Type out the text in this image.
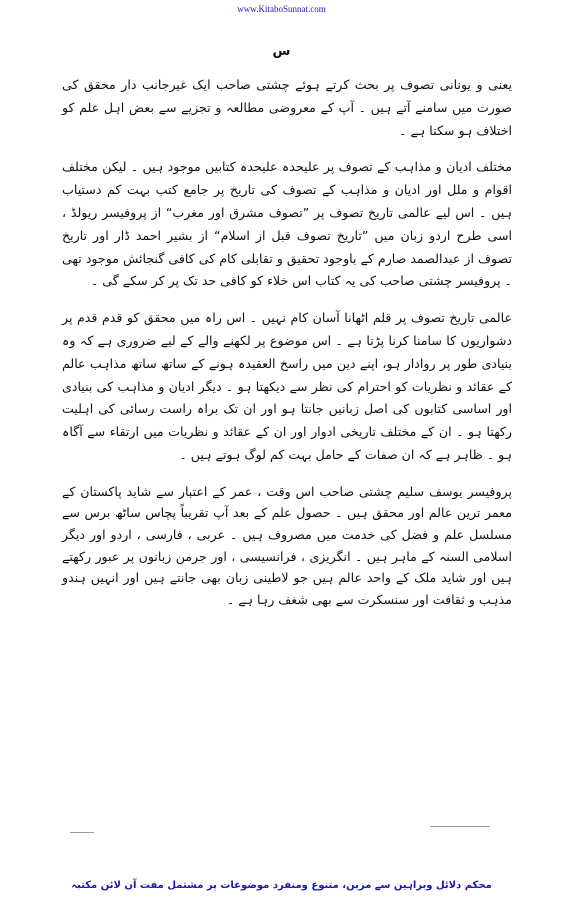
www.KitaboSunnat.com
س

یعنی و یونانی تصوف پر بحث کرتے ہوئے چشتی صاحب ایک غیرجانب دار محقق کی صورت میں سامنے آتے ہیں ۔ آپ کے معروضی مطالعہ و تجزیے سے بعض اہل علم کو اختلاف ہو سکتا ہے ۔

مختلف ادیان و مذاہب کے تصوف پر علیحدہ علیحدہ کتابیں موجود ہیں ۔ لیکن مختلف اقوام و ملل اور ادیان و مذاہب کے تصوف کی تاریخ پر جامع کتب بہت کم دستیاب ہیں ۔ اس لیے عالمی تاریخ تصوف پر ”تصوف مشرق اور مغرب“ از پروفیسر ریولڈ ، اسی طرح اردو زبان میں ”تاریخ تصوف قبل از اسلام“ از بشیر احمد ڈار اور تاریخ تصوف از عبدالصمد صارم کے باوجود تحقیق و تقابلی کام کی کافی گنجائش موجود تھی ۔ پروفیسر چشتی صاحب کی یہ کتاب اس خلاء کو کافی حد تک پر کر سکے گی ۔

عالمی تاریخ تصوف پر قلم اٹھانا آسان کام نہیں ۔ اس راہ میں محقق کو قدم قدم پر دشواریوں کا سامنا کرنا پڑتا ہے ۔ اس موضوع پر لکھنے والے کے لیے ضروری ہے کہ وہ بنیادی طور پر روادار ہو، اپنے دین میں راسخ العقیدہ ہونے کے ساتھ ساتھ مذاہب عالم کے عقائد و نظریات کو احترام کی نظر سے دیکھتا ہو ۔ دیگر ادیان و مذاہب کی بنیادی اور اساسی کتابوں کی اصل زبانیں جانتا ہو اور ان تک براہ راست رسائی کی اہلیت رکھتا ہو ۔ ان کے مختلف تاریخی ادوار اور ان کے عقائد و نظریات میں ارتقاء سے آگاہ ہو ۔ ظاہر ہے کہ ان صفات کے حامل بہت کم لوگ ہوتے ہیں ۔

پروفیسر یوسف سلیم چشتی صاحب اس وقت ، عمر کے اعتبار سے شاید پاکستان کے معمر ترین عالم اور محقق ہیں ۔ حصول علم کے بعد آپ تقریباً پچاس ساٹھ برس سے مسلسل علم و فضل کی خدمت میں مصروف ہیں ۔ عربی ، فارسی ، اردو اور دیگر اسلامی السنہ کے ماہر ہیں ۔ انگریزی ، فرانسیسی ، اور جرمن زبانوں پر عبور رکھتے ہیں اور شاید ملک کے واحد عالم ہیں جو لاطینی زبان بھی جانتے ہیں اور انہیں ہندو مذہب و ثقافت اور سنسکرت سے بھی شغف رہا ہے ۔

محکم دلائل وبراہین سے مزین، متنوع ومنفرد موضوعات پر مشتمل مفت آن لائن مکتبہ
